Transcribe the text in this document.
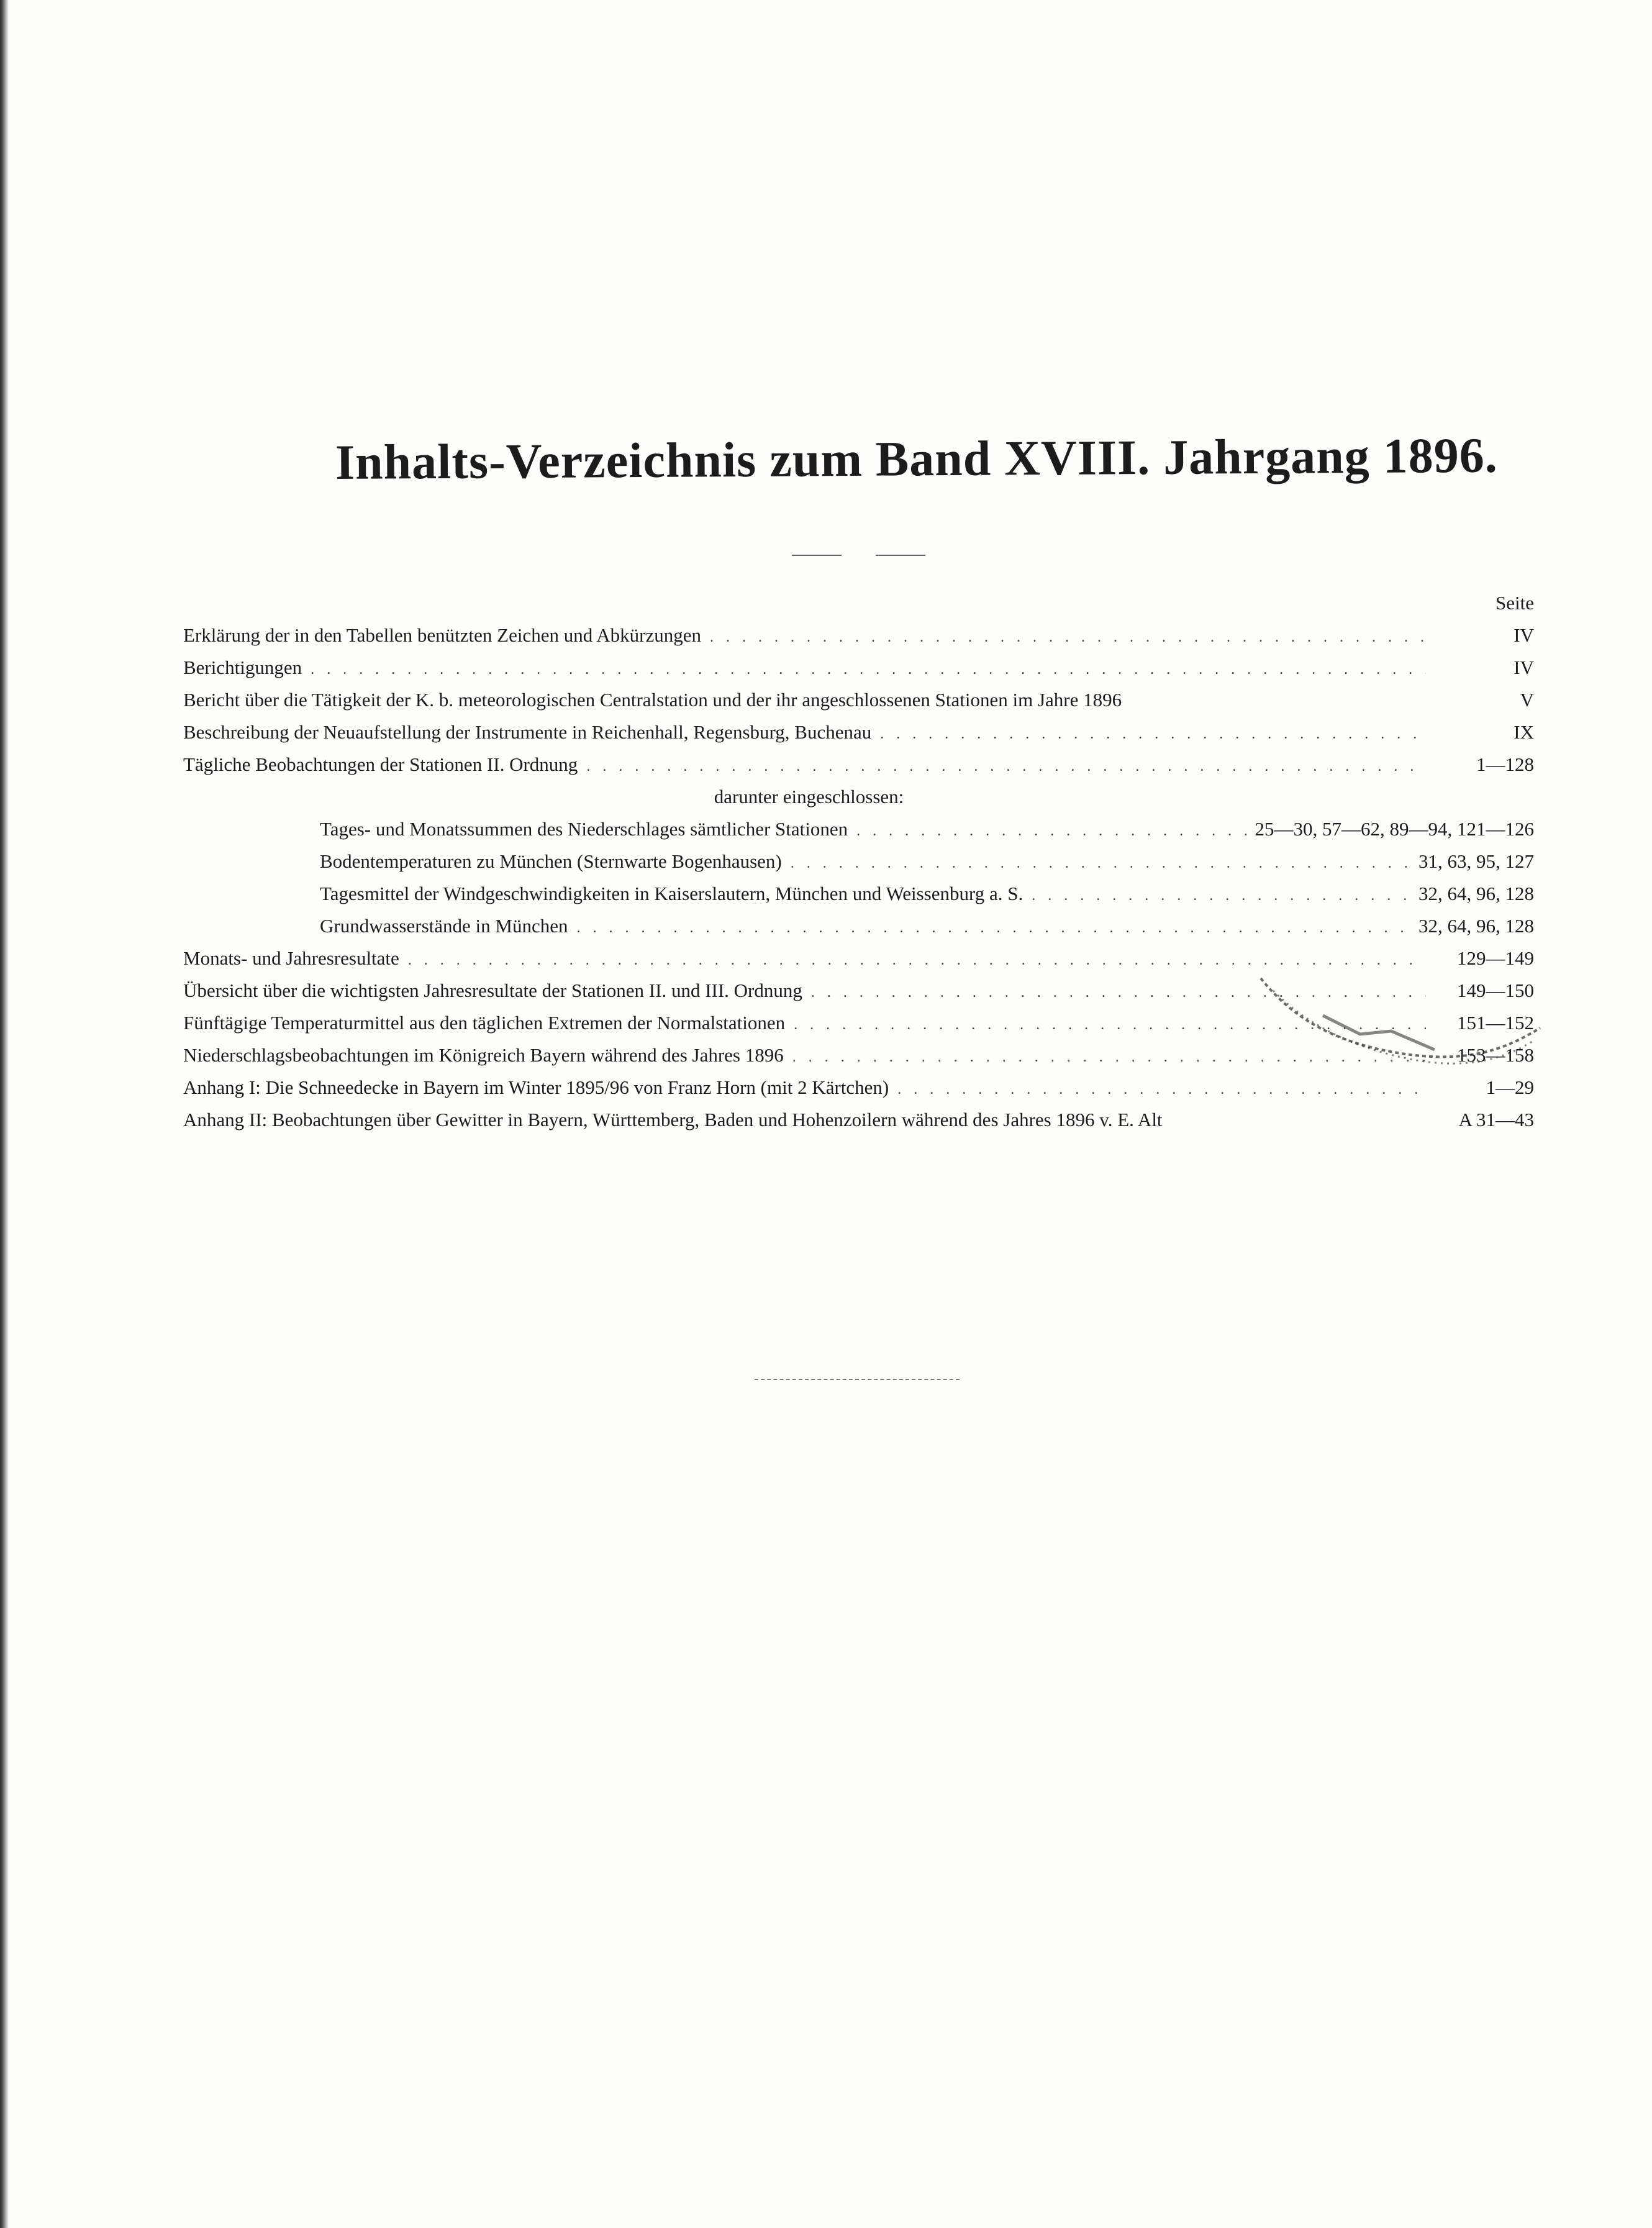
Inhalts-Verzeichnis zum Band XVIII. Jahrgang 1896.
Seite
Erklärung der in den Tabellen benützten Zeichen und Abkürzungen . . .	IV
Berichtigungen . . .	IV
Bericht über die Tätigkeit der K. b. meteorologischen Centralstation und der ihr angeschlossenen Stationen im Jahre 1896	V
Beschreibung der Neuaufstellung der Instrumente in Reichenhall, Regensburg, Buchenau . . .	IX
Tägliche Beobachtungen der Stationen II. Ordnung . . .	1—128
darunter eingeschlossen:
Tages- und Monatssummen des Niederschlages sämtlicher Stationen . . .	25—30, 57—62, 89—94, 121—126
Bodentemperaturen zu München (Sternwarte Bogenhausen) . . .	31, 63, 95, 127
Tagesmittel der Windgeschwindigkeiten in Kaiserslautern, München und Weissenburg a. S. . . .	32, 64, 96, 128
Grundwasserstände in München . . .	32, 64, 96, 128
Monats- und Jahresresultate . . .	129—149
Übersicht über die wichtigsten Jahresresultate der Stationen II. und III. Ordnung . . .	149—150
Fünftägige Temperaturmittel aus den täglichen Extremen der Normalstationen . . .	151—152
Niederschlagsbeobachtungen im Königreich Bayern während des Jahres 1896 . . .	153—158
Anhang I: Die Schneedecke in Bayern im Winter 1895/96 von Franz Horn (mit 2 Kärtchen) . . .	1—29
Anhang II: Beobachtungen über Gewitter in Bayern, Württemberg, Baden und Hohenzoilern während des Jahres 1896 v. E. Alt	A 31—43
